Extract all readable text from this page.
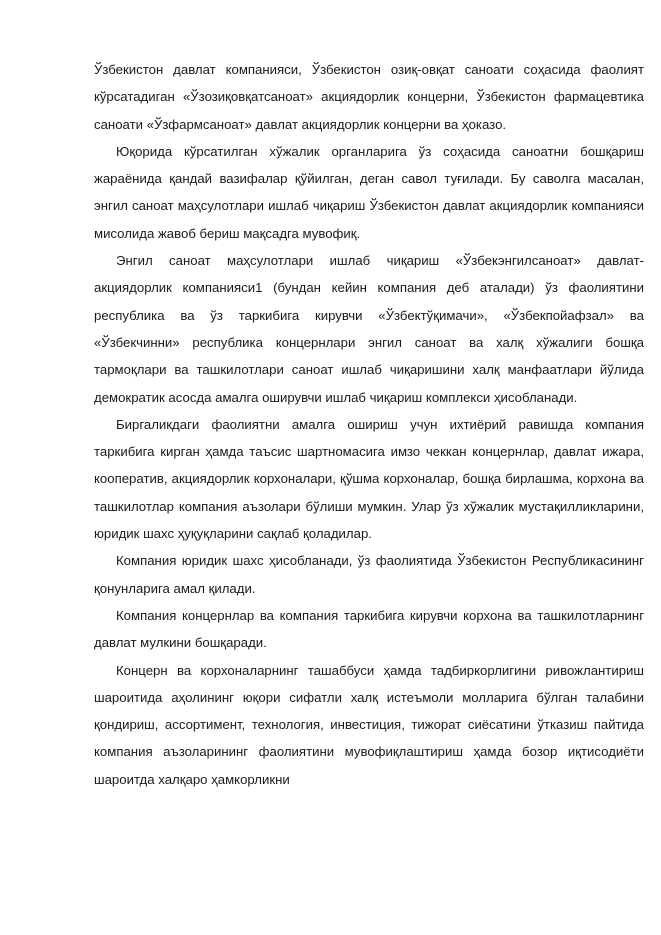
Ўзбекистон давлат компанияси, Ўзбекистон озиқ-овқат саноати соҳасида фаолият кўрсатадиган «Ўзозиқовқатсаноат» акциядорлик концерни, Ўзбекистон фармацевтика саноати «Ўзфармсаноат» давлат акциядорлик концерни ва ҳоказо.

Юқорида кўрсатилган хўжалик органларига ўз соҳасида саноатни бошқариш жараёнида қандай вазифалар қўйилган, деган савол туғилади. Бу саволга масалан, энгил саноат маҳсулотлари ишлаб чиқариш Ўзбекистон давлат акциядорлик компанияси мисолида жавоб бериш мақсадга мувофиқ.

Энгил саноат маҳсулотлари ишлаб чиқариш «Ўзбекэнгилсаноат» давлат-акциядорлик компанияси1 (бундан кейин компания деб аталади) ўз фаолиятини республика ва ўз таркибига кирувчи «Ўзбектўқимачи», «Ўзбекпойафзал» ва «Ўзбекчинни» республика концернлари энгил саноат ва халқ хўжалиги бошқа тармоқлари ва ташкилотлари саноат ишлаб чиқаришини халқ манфаатлари йўлида демократик асосда амалга оширувчи ишлаб чиқариш комплекси ҳисобланади.

Биргаликдаги фаолиятни амалга ошириш учун ихтиёрий равишда компания таркибига кирган ҳамда таъсис шартномасига имзо чеккан концернлар, давлат ижара, кооператив, акциядорлик корхоналари, қўшма корхоналар, бошқа бирлашма, корхона ва ташкилотлар компания аъзолари бўлиши мумкин. Улар ўз хўжалик мустақилликларини, юридик шахс ҳуқуқларини сақлаб қоладилар.

Компания юридик шахс ҳисобланади, ўз фаолиятида Ўзбекистон Республикасининг қонунларига амал қилади.

Компания концернлар ва компания таркибига кирувчи корхона ва ташкилотларнинг давлат мулкини бошқаради.

Концерн ва корхоналарнинг ташаббуси ҳамда тадбиркорлигини ривожлантириш шароитида аҳолининг юқори сифатли халқ истеъмоли молларига бўлган талабини қондириш, ассортимент, технология, инвестиция, тижорат сиёсатини ўтказиш пайтида компания аъзоларининг фаолиятини мувофиқлаштириш ҳамда бозор иқтисодиёти шароитда халқаро ҳамкорликни
